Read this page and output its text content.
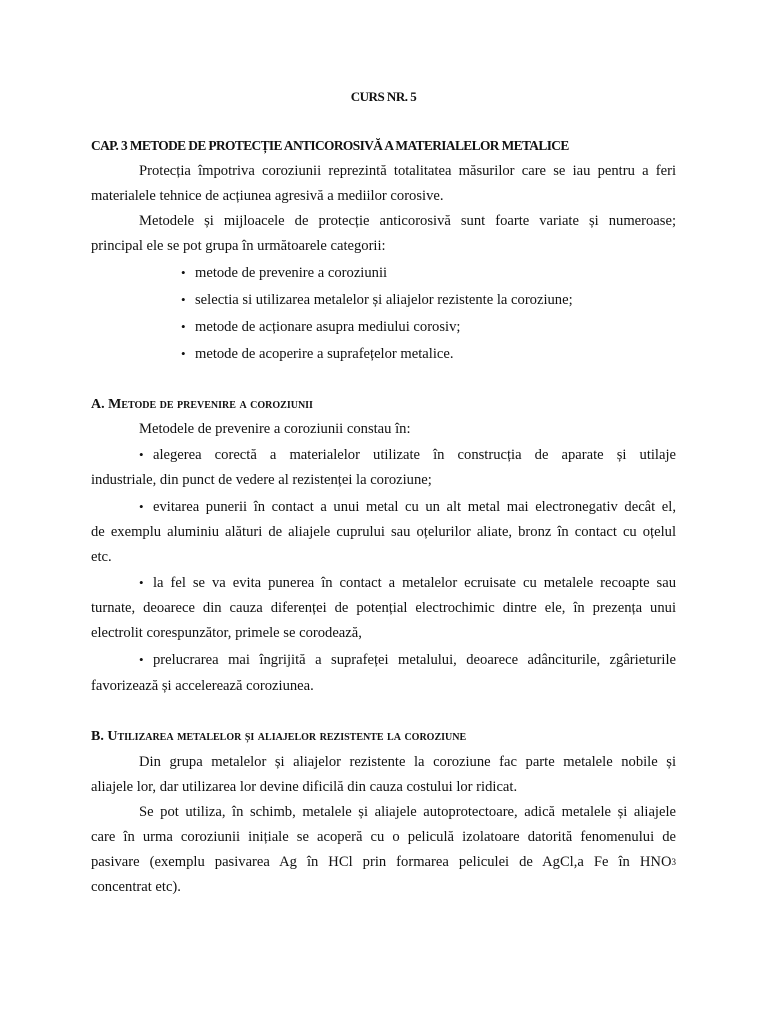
CURS NR. 5
CAP. 3 METODE DE PROTECȚIE ANTICOROSIVĂ A MATERIALELOR METALICE
Protecția împotriva coroziunii reprezintă totalitatea măsurilor care se iau pentru a feri
materialele tehnice de acțiunea agresivă a mediilor corosive.
Metodele și mijloacele de protecție anticorosivă sunt foarte variate și numeroase;
principal ele se pot grupa în următoarele categorii:
• metode de prevenire a coroziunii
• selectia si utilizarea metalelor și aliajelor rezistente la coroziune;
• metode de acționare asupra mediului corosiv;
• metode de acoperire a suprafețelor metalice.
A. Metode de prevenire a coroziunii
Metodele de prevenire a coroziunii constau în:
• alegerea corectă a materialelor utilizate în construcția de aparate și utilaje
industriale, din punct de vedere al rezistenței la coroziune;
• evitarea punerii în contact a unui metal cu un alt metal mai electronegativ decât el,
de exemplu aluminiu alături de aliajele cuprului sau oțelurilor aliate, bronz în contact cu oțelul
etc.
• la fel se va evita punerea în contact a metalelor ecruisate cu metalele recoapte sau
turnate, deoarece din cauza diferenței de potențial electrochimic dintre ele, în prezența unui
electrolit corespunzător, primele se corodează,
• prelucrarea mai îngrijită a suprafeței metalului, deoarece adânciturile, zgârieturile
favorizează și accelerează coroziunea.
B. Utilizarea metalelor și aliajelor rezistente la coroziune
Din grupa metalelor și aliajelor rezistente la coroziune fac parte metalele nobile și
aliajele lor, dar utilizarea lor devine dificilă din cauza costului lor ridicat.
Se pot utiliza, în schimb, metalele și aliajele autoprotectoare, adică metalele și aliajele
care în urma coroziunii inițiale se acoperă cu o peliculă izolatoare datorită fenomenului de
pasivare (exemplu pasivarea Ag în HCl prin formarea peliculei de AgCl,a Fe în HNO 3
concentrat etc).
